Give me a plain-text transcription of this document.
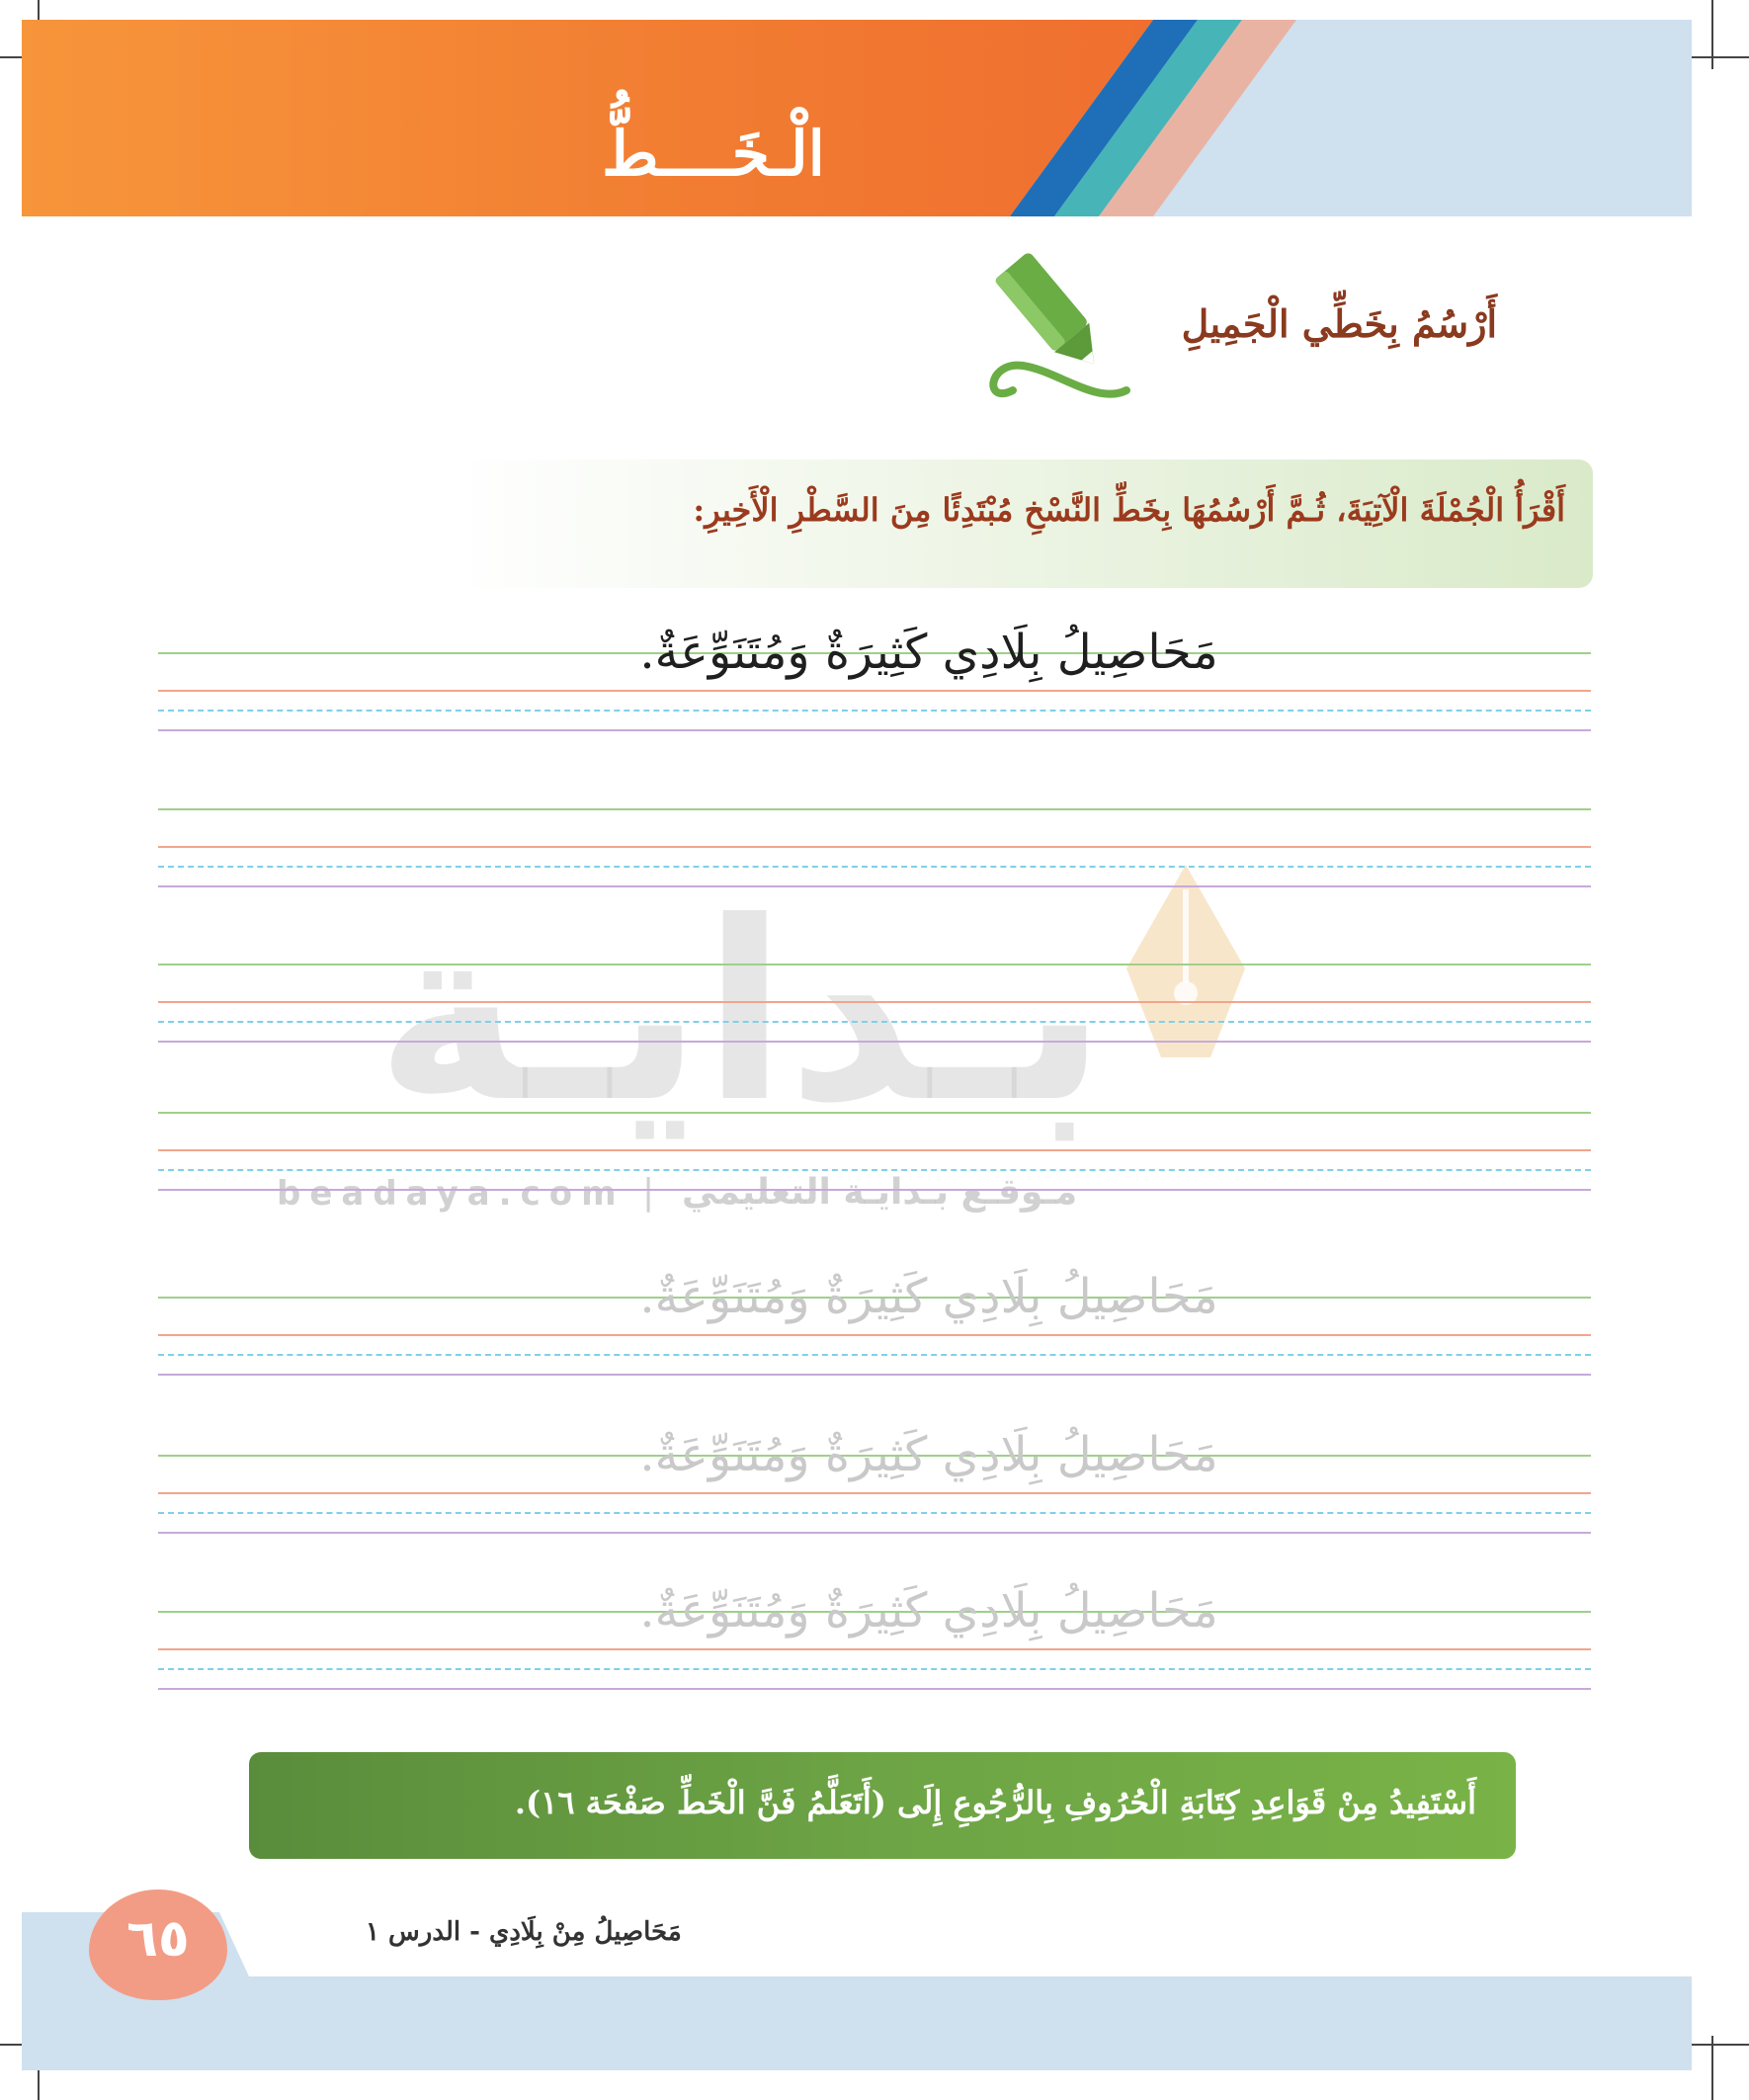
الْـخَــــطُّ
أَرْسُمُ بِخَطِّي الْجَمِيلِ
أَقْرَأُ الْجُمْلَةَ الْآتِيَةَ، ثُـمَّ أَرْسُمُهَا بِخَطِّ النَّسْخِ مُبْتَدِئًا مِنَ السَّطْرِ الْأَخِيرِ:
بـدايـة
beadaya.com | مـوقـع بـدايـة التعليمي
مَحَاصِيلُ بِلَادِي كَثِيرَةٌ وَمُتَنَوِّعَةٌ.
مَحَاصِيلُ بِلَادِي كَثِيرَةٌ وَمُتَنَوِّعَةٌ.
مَحَاصِيلُ بِلَادِي كَثِيرَةٌ وَمُتَنَوِّعَةٌ.
مَحَاصِيلُ بِلَادِي كَثِيرَةٌ وَمُتَنَوِّعَةٌ.
أَسْتَفِيدُ مِنْ قَوَاعِدِ كِتَابَةِ الْحُرُوفِ بِالرُّجُوعِ إِلَى (أَتَعَلَّمُ فَنَّ الْخَطِّ صَفْحَة ١٦).
٦٥	مَحَاصِيلُ مِنْ بِلَادِي - الدرس ١
